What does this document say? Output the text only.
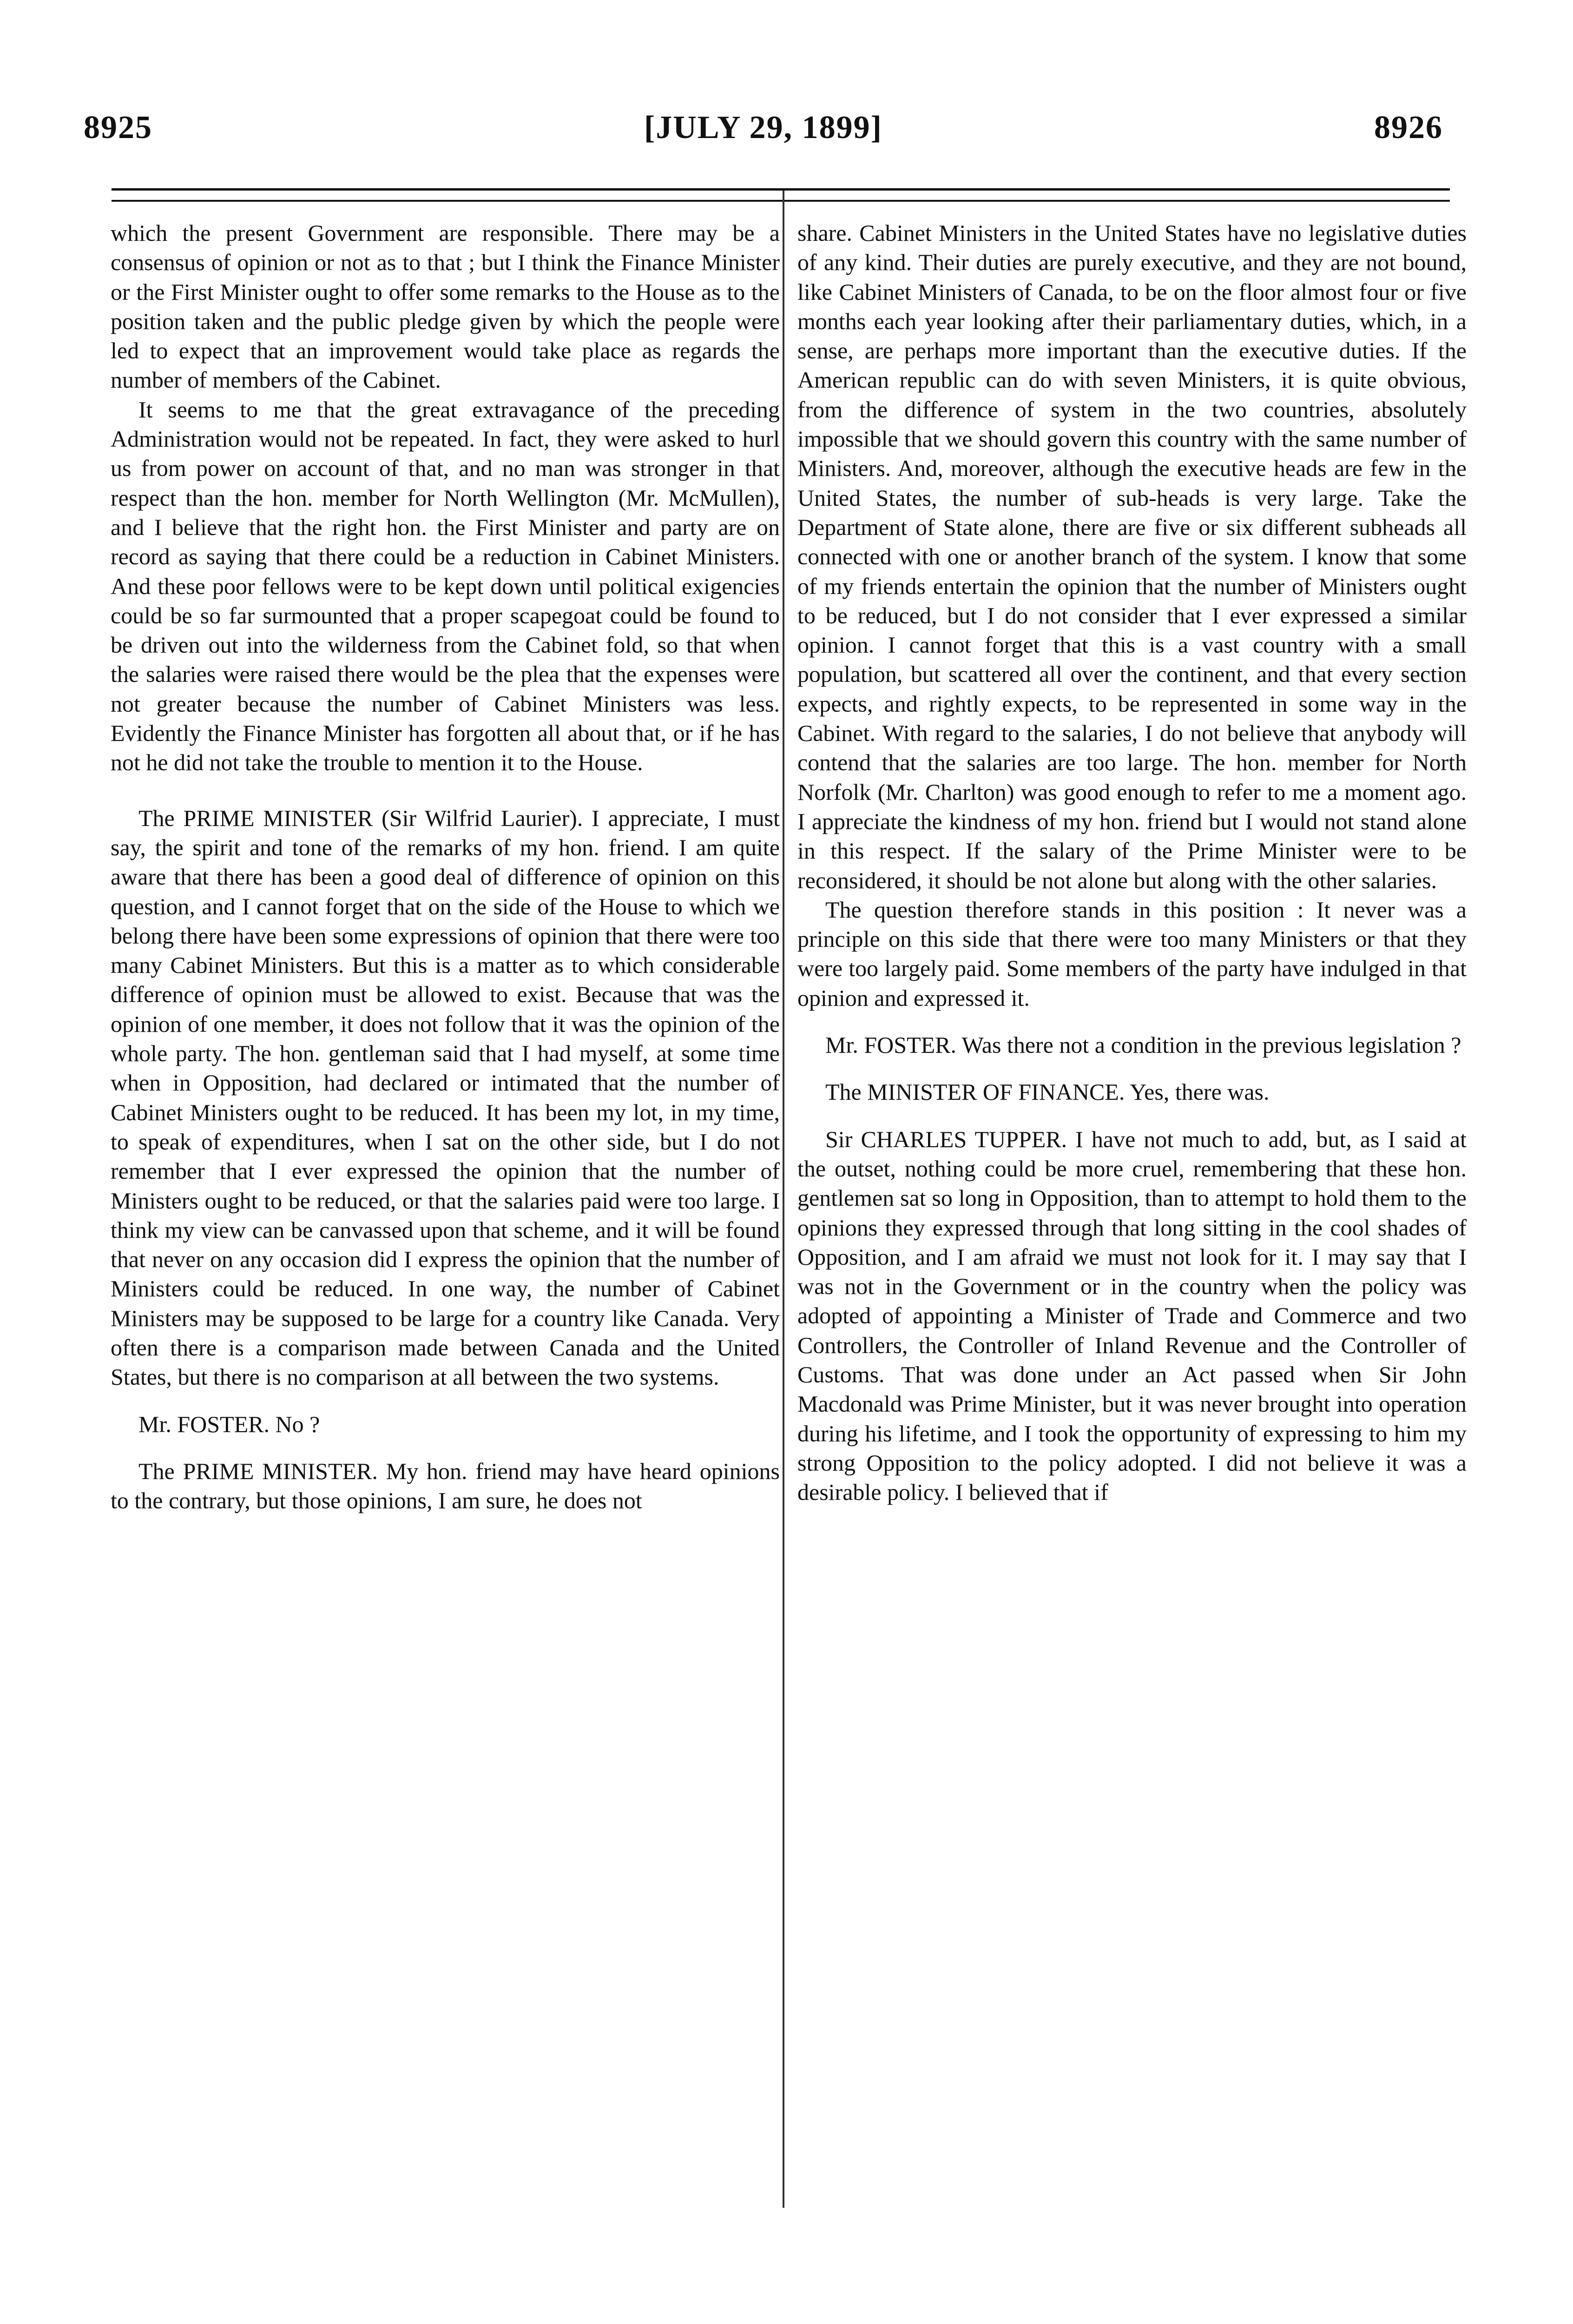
8925	[JULY 29, 1899]	8926

which the present Government are responsible. There may be a consensus of opinion or not as to that ; but I think the Finance Minister or the First Minister ought to offer some remarks to the House as to the position taken and the public pledge given by which the people were led to expect that an improvement would take place as regards the number of members of the Cabinet.

It seems to me that the great extravagance of the preceding Administration would not be repeated. In fact, they were asked to hurl us from power on account of that, and no man was stronger in that respect than the hon. member for North Wellington (Mr. McMullen), and I believe that the right hon. the First Minister and party are on record as saying that there could be a reduction in Cabinet Ministers. And these poor fellows were to be kept down until political exigencies could be so far surmounted that a proper scapegoat could be found to be driven out into the wilderness from the Cabinet fold, so that when the salaries were raised there would be the plea that the expenses were not greater because the number of Cabinet Ministers was less. Evidently the Finance Minister has forgotten all about that, or if he has not he did not take the trouble to mention it to the House.

The PRIME MINISTER (Sir Wilfrid Laurier). I appreciate, I must say, the spirit and tone of the remarks of my hon. friend. I am quite aware that there has been a good deal of difference of opinion on this question, and I cannot forget that on the side of the House to which we belong there have been some expressions of opinion that there were too many Cabinet Ministers. But this is a matter as to which considerable difference of opinion must be allowed to exist. Because that was the opinion of one member, it does not follow that it was the opinion of the whole party. The hon. gentleman said that I had myself, at some time when in Opposition, had declared or intimated that the number of Cabinet Ministers ought to be reduced. It has been my lot, in my time, to speak of expenditures, when I sat on the other side, but I do not remember that I ever expressed the opinion that the number of Ministers ought to be reduced, or that the salaries paid were too large. I think my view can be canvassed upon that scheme, and it will be found that never on any occasion did I express the opinion that the number of Ministers could be reduced. In one way, the number of Cabinet Ministers may be supposed to be large for a country like Canada. Very often there is a comparison made between Canada and the United States, but there is no comparison at all between the two systems.

Mr. FOSTER. No ?

The PRIME MINISTER. My hon. friend may have heard opinions to the contrary, but those opinions, I am sure, he does not

share. Cabinet Ministers in the United States have no legislative duties of any kind. Their duties are purely executive, and they are not bound, like Cabinet Ministers of Canada, to be on the floor almost four or five months each year looking after their parliamentary duties, which, in a sense, are perhaps more important than the executive duties. If the American republic can do with seven Ministers, it is quite obvious, from the difference of system in the two countries, absolutely impossible that we should govern this country with the same number of Ministers. And, moreover, although the executive heads are few in the United States, the number of sub-heads is very large. Take the Department of State alone, there are five or six different subheads all connected with one or another branch of the system. I know that some of my friends entertain the opinion that the number of Ministers ought to be reduced, but I do not consider that I ever expressed a similar opinion. I cannot forget that this is a vast country with a small population, but scattered all over the continent, and that every section expects, and rightly expects, to be represented in some way in the Cabinet. With regard to the salaries, I do not believe that anybody will contend that the salaries are too large. The hon. member for North Norfolk (Mr. Charlton) was good enough to refer to me a moment ago. I appreciate the kindness of my hon. friend but I would not stand alone in this respect. If the salary of the Prime Minister were to be reconsidered, it should be not alone but along with the other salaries.

The question therefore stands in this position : It never was a principle on this side that there were too many Ministers or that they were too largely paid. Some members of the party have indulged in that opinion and expressed it.

Mr. FOSTER. Was there not a condition in the previous legislation ?

The MINISTER OF FINANCE. Yes, there was.

Sir CHARLES TUPPER. I have not much to add, but, as I said at the outset, nothing could be more cruel, remembering that these hon. gentlemen sat so long in Opposition, than to attempt to hold them to the opinions they expressed through that long sitting in the cool shades of Opposition, and I am afraid we must not look for it. I may say that I was not in the Government or in the country when the policy was adopted of appointing a Minister of Trade and Commerce and two Controllers, the Controller of Inland Revenue and the Controller of Customs. That was done under an Act passed when Sir John Macdonald was Prime Minister, but it was never brought into operation during his lifetime, and I took the opportunity of expressing to him my strong Opposition to the policy adopted. I did not believe it was a desirable policy. I believed that if
